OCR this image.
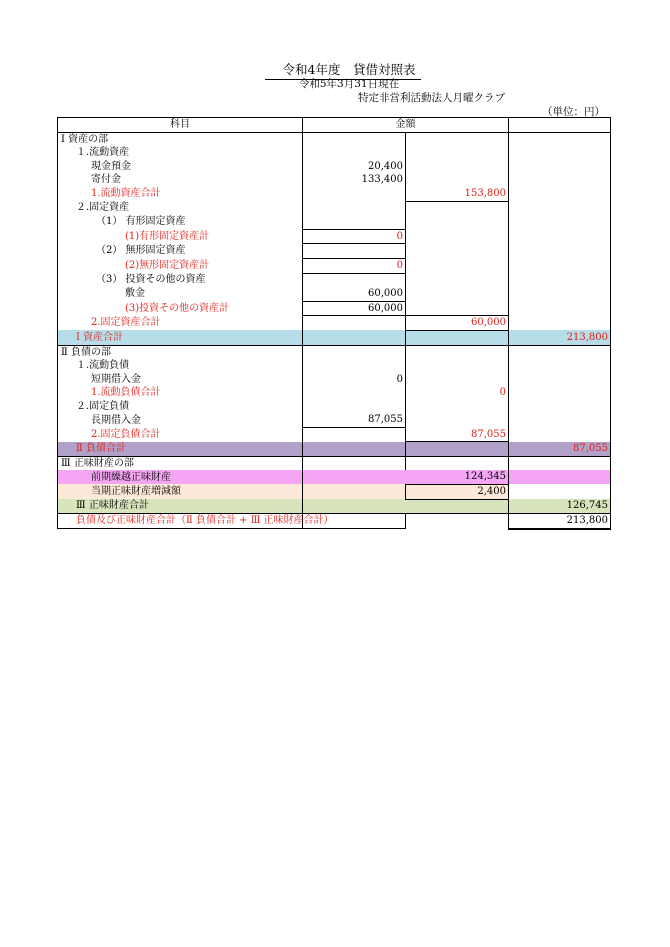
令和4年度　貸借対照表
令和5年3月31日現在
特定非営利活動法人月曜クラブ
（単位：円）
科目	金額		
Ⅰ 資産の部			
１.流動資産			
現金預金	20,400		
寄付金	133,400		
1.流動資産合計		153,800	
２.固定資産			
（1） 有形固定資産			
(1)有形固定資産計	0		
（2） 無形固定資産			
(2)無形固定資産計	0		
（3） 投資その他の資産			
敷金	60,000		
(3)投資その他の資産計	60,000		
2.固定資産合計		60,000	
Ⅰ 資産合計			213,800
Ⅱ 負債の部			
１.流動負債			
短期借入金	0		
1.流動負債合計		0	
２.固定負債			
長期借入金	87,055		
2.固定負債合計		87,055	
Ⅱ 負債合計			87,055
Ⅲ 正味財産の部			
前期繰越正味財産		124,345	
当期正味財産増減額		2,400	
Ⅲ 正味財産合計			126,745
負債及び正味財産合計（Ⅱ 負債合計 + Ⅲ 正味財産合計）			213,800
